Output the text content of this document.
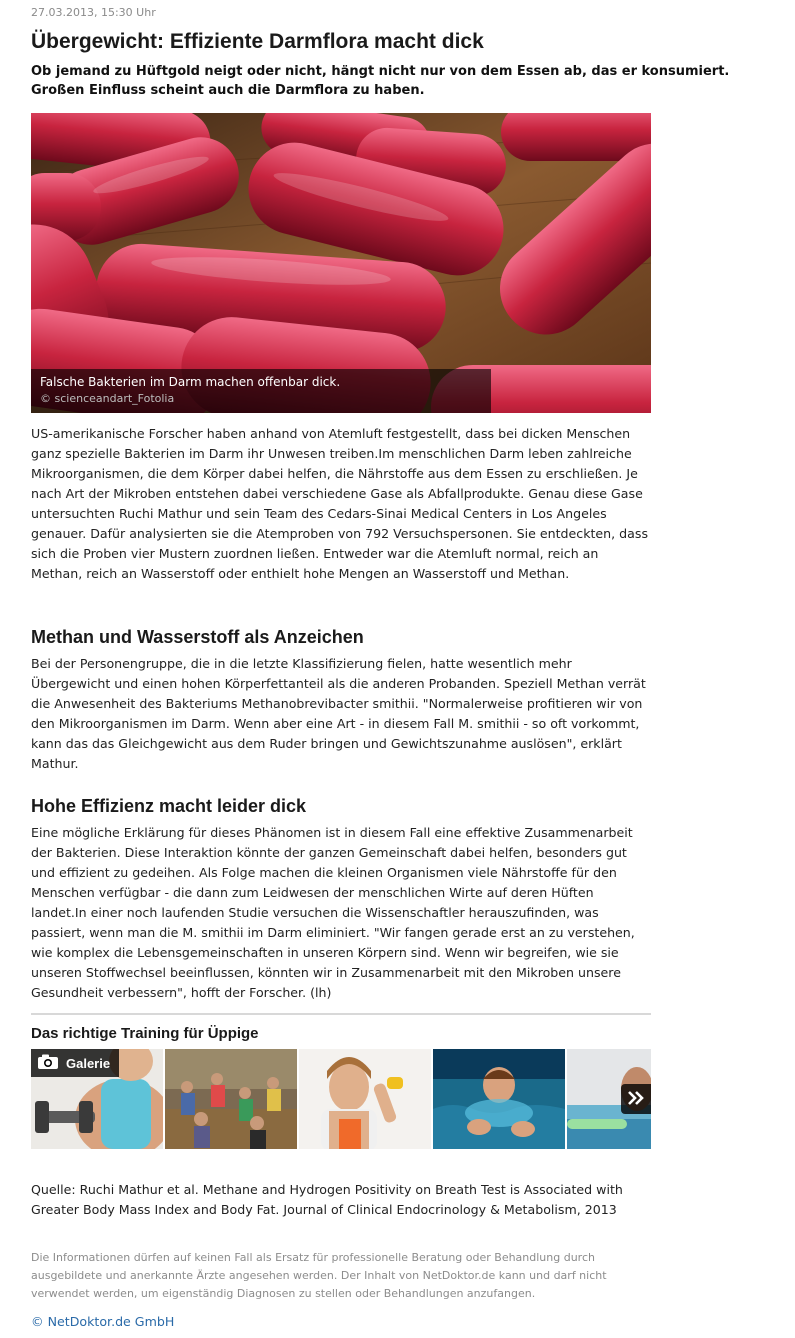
27.03.2013, 15:30 Uhr
Übergewicht: Effiziente Darmflora macht dick

Ob jemand zu Hüftgold neigt oder nicht, hängt nicht nur von dem Essen ab, das er konsumiert. Großen Einfluss scheint auch die Darmflora zu haben.

Falsche Bakterien im Darm machen offenbar dick.
© scienceandart_Fotolia

US-amerikanische Forscher haben anhand von Atemluft festgestellt, dass bei dicken Menschen ganz spezielle Bakterien im Darm ihr Unwesen treiben.Im menschlichen Darm leben zahlreiche Mikroorganismen, die dem Körper dabei helfen, die Nährstoffe aus dem Essen zu erschließen. Je nach Art der Mikroben entstehen dabei verschiedene Gase als Abfallprodukte. Genau diese Gase untersuchten Ruchi Mathur und sein Team des Cedars-Sinai Medical Centers in Los Angeles genauer. Dafür analysierten sie die Atemproben von 792 Versuchspersonen. Sie entdeckten, dass sich die Proben vier Mustern zuordnen ließen. Entweder war die Atemluft normal, reich an Methan, reich an Wasserstoff oder enthielt hohe Mengen an Wasserstoff und Methan.

Methan und Wasserstoff als Anzeichen

Bei der Personengruppe, die in die letzte Klassifizierung fielen, hatte wesentlich mehr Übergewicht und einen hohen Körperfettanteil als die anderen Probanden. Speziell Methan verrät die Anwesenheit des Bakteriums Methanobrevibacter smithii. "Normalerweise profitieren wir von den Mikroorganismen im Darm. Wenn aber eine Art - in diesem Fall M. smithii - so oft vorkommt, kann das das Gleichgewicht aus dem Ruder bringen und Gewichtszunahme auslösen", erklärt Mathur.

Hohe Effizienz macht leider dick

Eine mögliche Erklärung für dieses Phänomen ist in diesem Fall eine effektive Zusammenarbeit der Bakterien. Diese Interaktion könnte der ganzen Gemeinschaft dabei helfen, besonders gut und effizient zu gedeihen. Als Folge machen die kleinen Organismen viele Nährstoffe für den Menschen verfügbar - die dann zum Leidwesen der menschlichen Wirte auf deren Hüften landet.In einer noch laufenden Studie versuchen die Wissenschaftler herauszufinden, was passiert, wenn man die M. smithii im Darm eliminiert. "Wir fangen gerade erst an zu verstehen, wie komplex die Lebensgemeinschaften in unseren Körpern sind. Wenn wir begreifen, wie sie unseren Stoffwechsel beeinflussen, könnten wir in Zusammenarbeit mit den Mikroben unsere Gesundheit verbessern", hofft der Forscher. (lh)

Das richtige Training für Üppige
Galerie

Quelle: Ruchi Mathur et al. Methane and Hydrogen Positivity on Breath Test is Associated with Greater Body Mass Index and Body Fat. Journal of Clinical Endocrinology & Metabolism, 2013

Die Informationen dürfen auf keinen Fall als Ersatz für professionelle Beratung oder Behandlung durch ausgebildete und anerkannte Ärzte angesehen werden. Der Inhalt von NetDoktor.de kann und darf nicht verwendet werden, um eigenständig Diagnosen zu stellen oder Behandlungen anzufangen.

© NetDoktor.de GmbH
